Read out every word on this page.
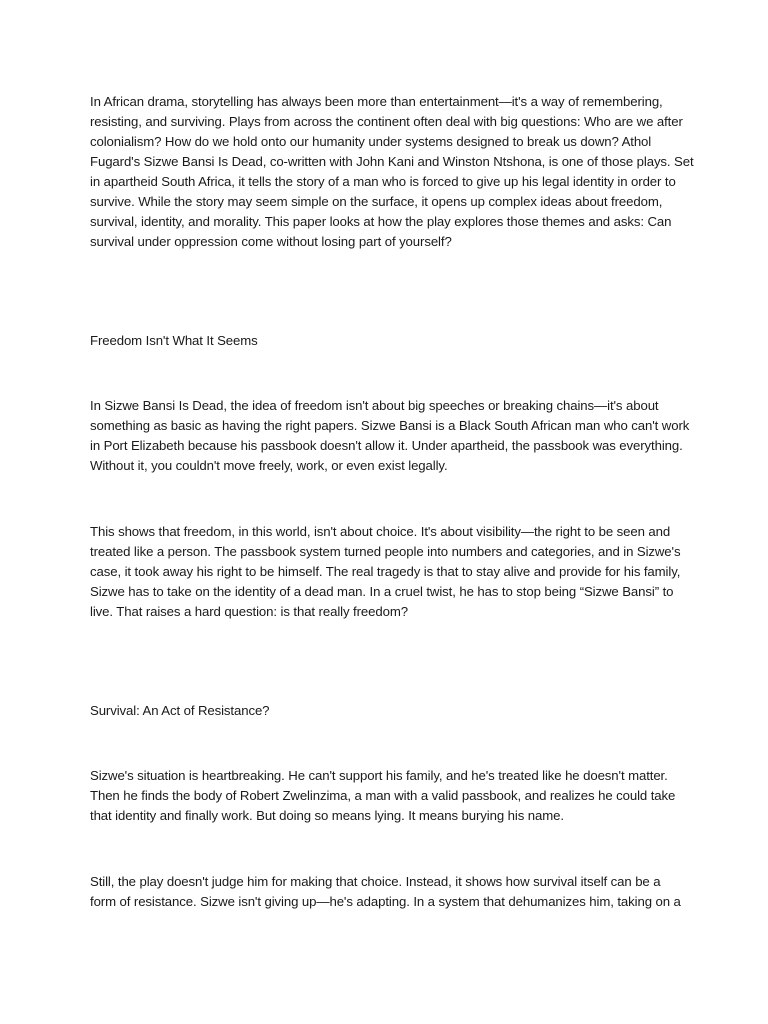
In African drama, storytelling has always been more than entertainment—it's a way of remembering,
resisting, and surviving. Plays from across the continent often deal with big questions: Who are we after
colonialism? How do we hold onto our humanity under systems designed to break us down? Athol
Fugard's Sizwe Bansi Is Dead, co-written with John Kani and Winston Ntshona, is one of those plays. Set
in apartheid South Africa, it tells the story of a man who is forced to give up his legal identity in order to
survive. While the story may seem simple on the surface, it opens up complex ideas about freedom,
survival, identity, and morality. This paper looks at how the play explores those themes and asks: Can
survival under oppression come without losing part of yourself?
Freedom Isn't What It Seems
In Sizwe Bansi Is Dead, the idea of freedom isn't about big speeches or breaking chains—it's about
something as basic as having the right papers. Sizwe Bansi is a Black South African man who can't work
in Port Elizabeth because his passbook doesn't allow it. Under apartheid, the passbook was everything.
Without it, you couldn't move freely, work, or even exist legally.
This shows that freedom, in this world, isn't about choice. It's about visibility—the right to be seen and
treated like a person. The passbook system turned people into numbers and categories, and in Sizwe's
case, it took away his right to be himself. The real tragedy is that to stay alive and provide for his family,
Sizwe has to take on the identity of a dead man. In a cruel twist, he has to stop being “Sizwe Bansi” to
live. That raises a hard question: is that really freedom?
Survival: An Act of Resistance?
Sizwe's situation is heartbreaking. He can't support his family, and he's treated like he doesn't matter.
Then he finds the body of Robert Zwelinzima, a man with a valid passbook, and realizes he could take
that identity and finally work. But doing so means lying. It means burying his name.
Still, the play doesn't judge him for making that choice. Instead, it shows how survival itself can be a
form of resistance. Sizwe isn't giving up—he's adapting. In a system that dehumanizes him, taking on a
